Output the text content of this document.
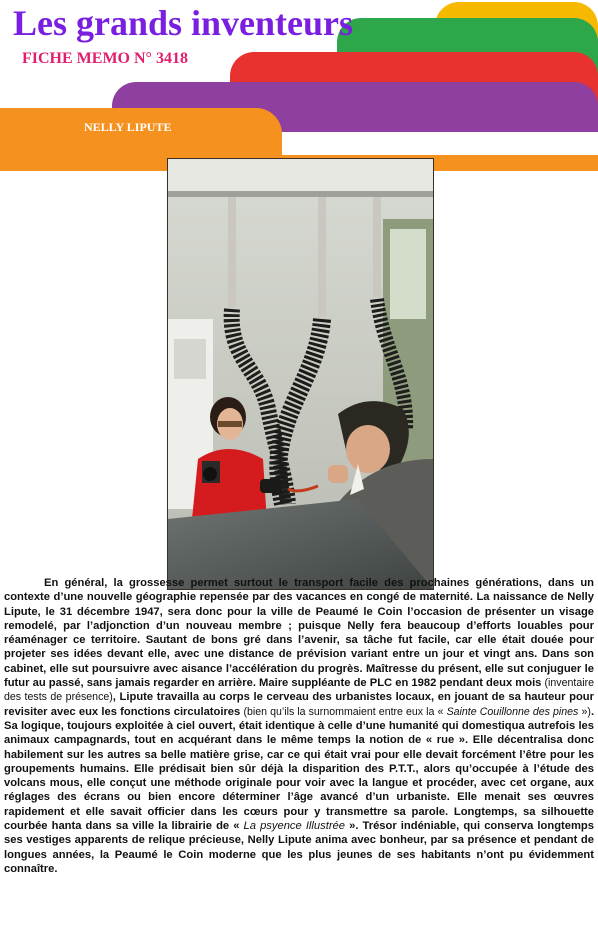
Les grands inventeurs
FICHE MEMO N° 3418
NELLY LIPUTE

En général, la grossesse permet surtout le transport facile des prochaines générations, dans un contexte d’une nouvelle géographie repensée par des vacances en congé de maternité. La naissance de Nelly Lipute, le 31 décembre 1947, sera donc pour la ville de Peaumé le Coin l’occasion de présenter un visage remodelé, par l’adjonction d’un nouveau membre ; puisque Nelly fera beaucoup d’efforts louables pour réaménager ce territoire. Sautant de bons gré dans l’avenir, sa tâche fut facile, car elle était douée pour projeter ses idées devant elle, avec une distance de prévision variant entre un jour et vingt ans. Dans son cabinet, elle sut poursuivre avec aisance l’accélération du progrès. Maîtresse du présent, elle sut conjuguer le futur au passé, sans jamais regarder en arrière. Maire suppléante de PLC en 1982 pendant deux mois (inventaire des tests de présence), Lipute travailla au corps le cerveau des urbanistes locaux, en jouant de sa hauteur pour revisiter avec eux les fonctions circulatoires (bien qu’ils la surnommaient entre eux la « Sainte Couillonne des pines »). Sa logique, toujours exploitée à ciel ouvert, était identique à celle d’une humanité qui domestiqua autrefois les animaux campagnards, tout en acquérant dans le même temps la notion de « rue ». Elle décentralisa donc habilement sur les autres sa belle matière grise, car ce qui était vrai pour elle devait forcément l’être pour les groupements humains. Elle prédisait bien sûr déjà la disparition des P.T.T., alors qu’occupée à l’étude des volcans mous, elle conçut une méthode originale pour voir avec la langue et procéder, avec cet organe, aux réglages des écrans ou bien encore déterminer l’âge avancé d’un urbaniste. Elle menait ses œuvres rapidement et elle savait officier dans les cœurs pour y transmettre sa parole. Longtemps, sa silhouette courbée hanta dans sa ville la librairie de « La psyence Illustrée ». Trésor indéniable, qui conserva longtemps ses vestiges apparents de relique précieuse, Nelly Lipute anima avec bonheur, par sa présence et pendant de longues années, la Peaumé le Coin moderne que les plus jeunes de ses habitants n’ont pu évidemment connaître.
